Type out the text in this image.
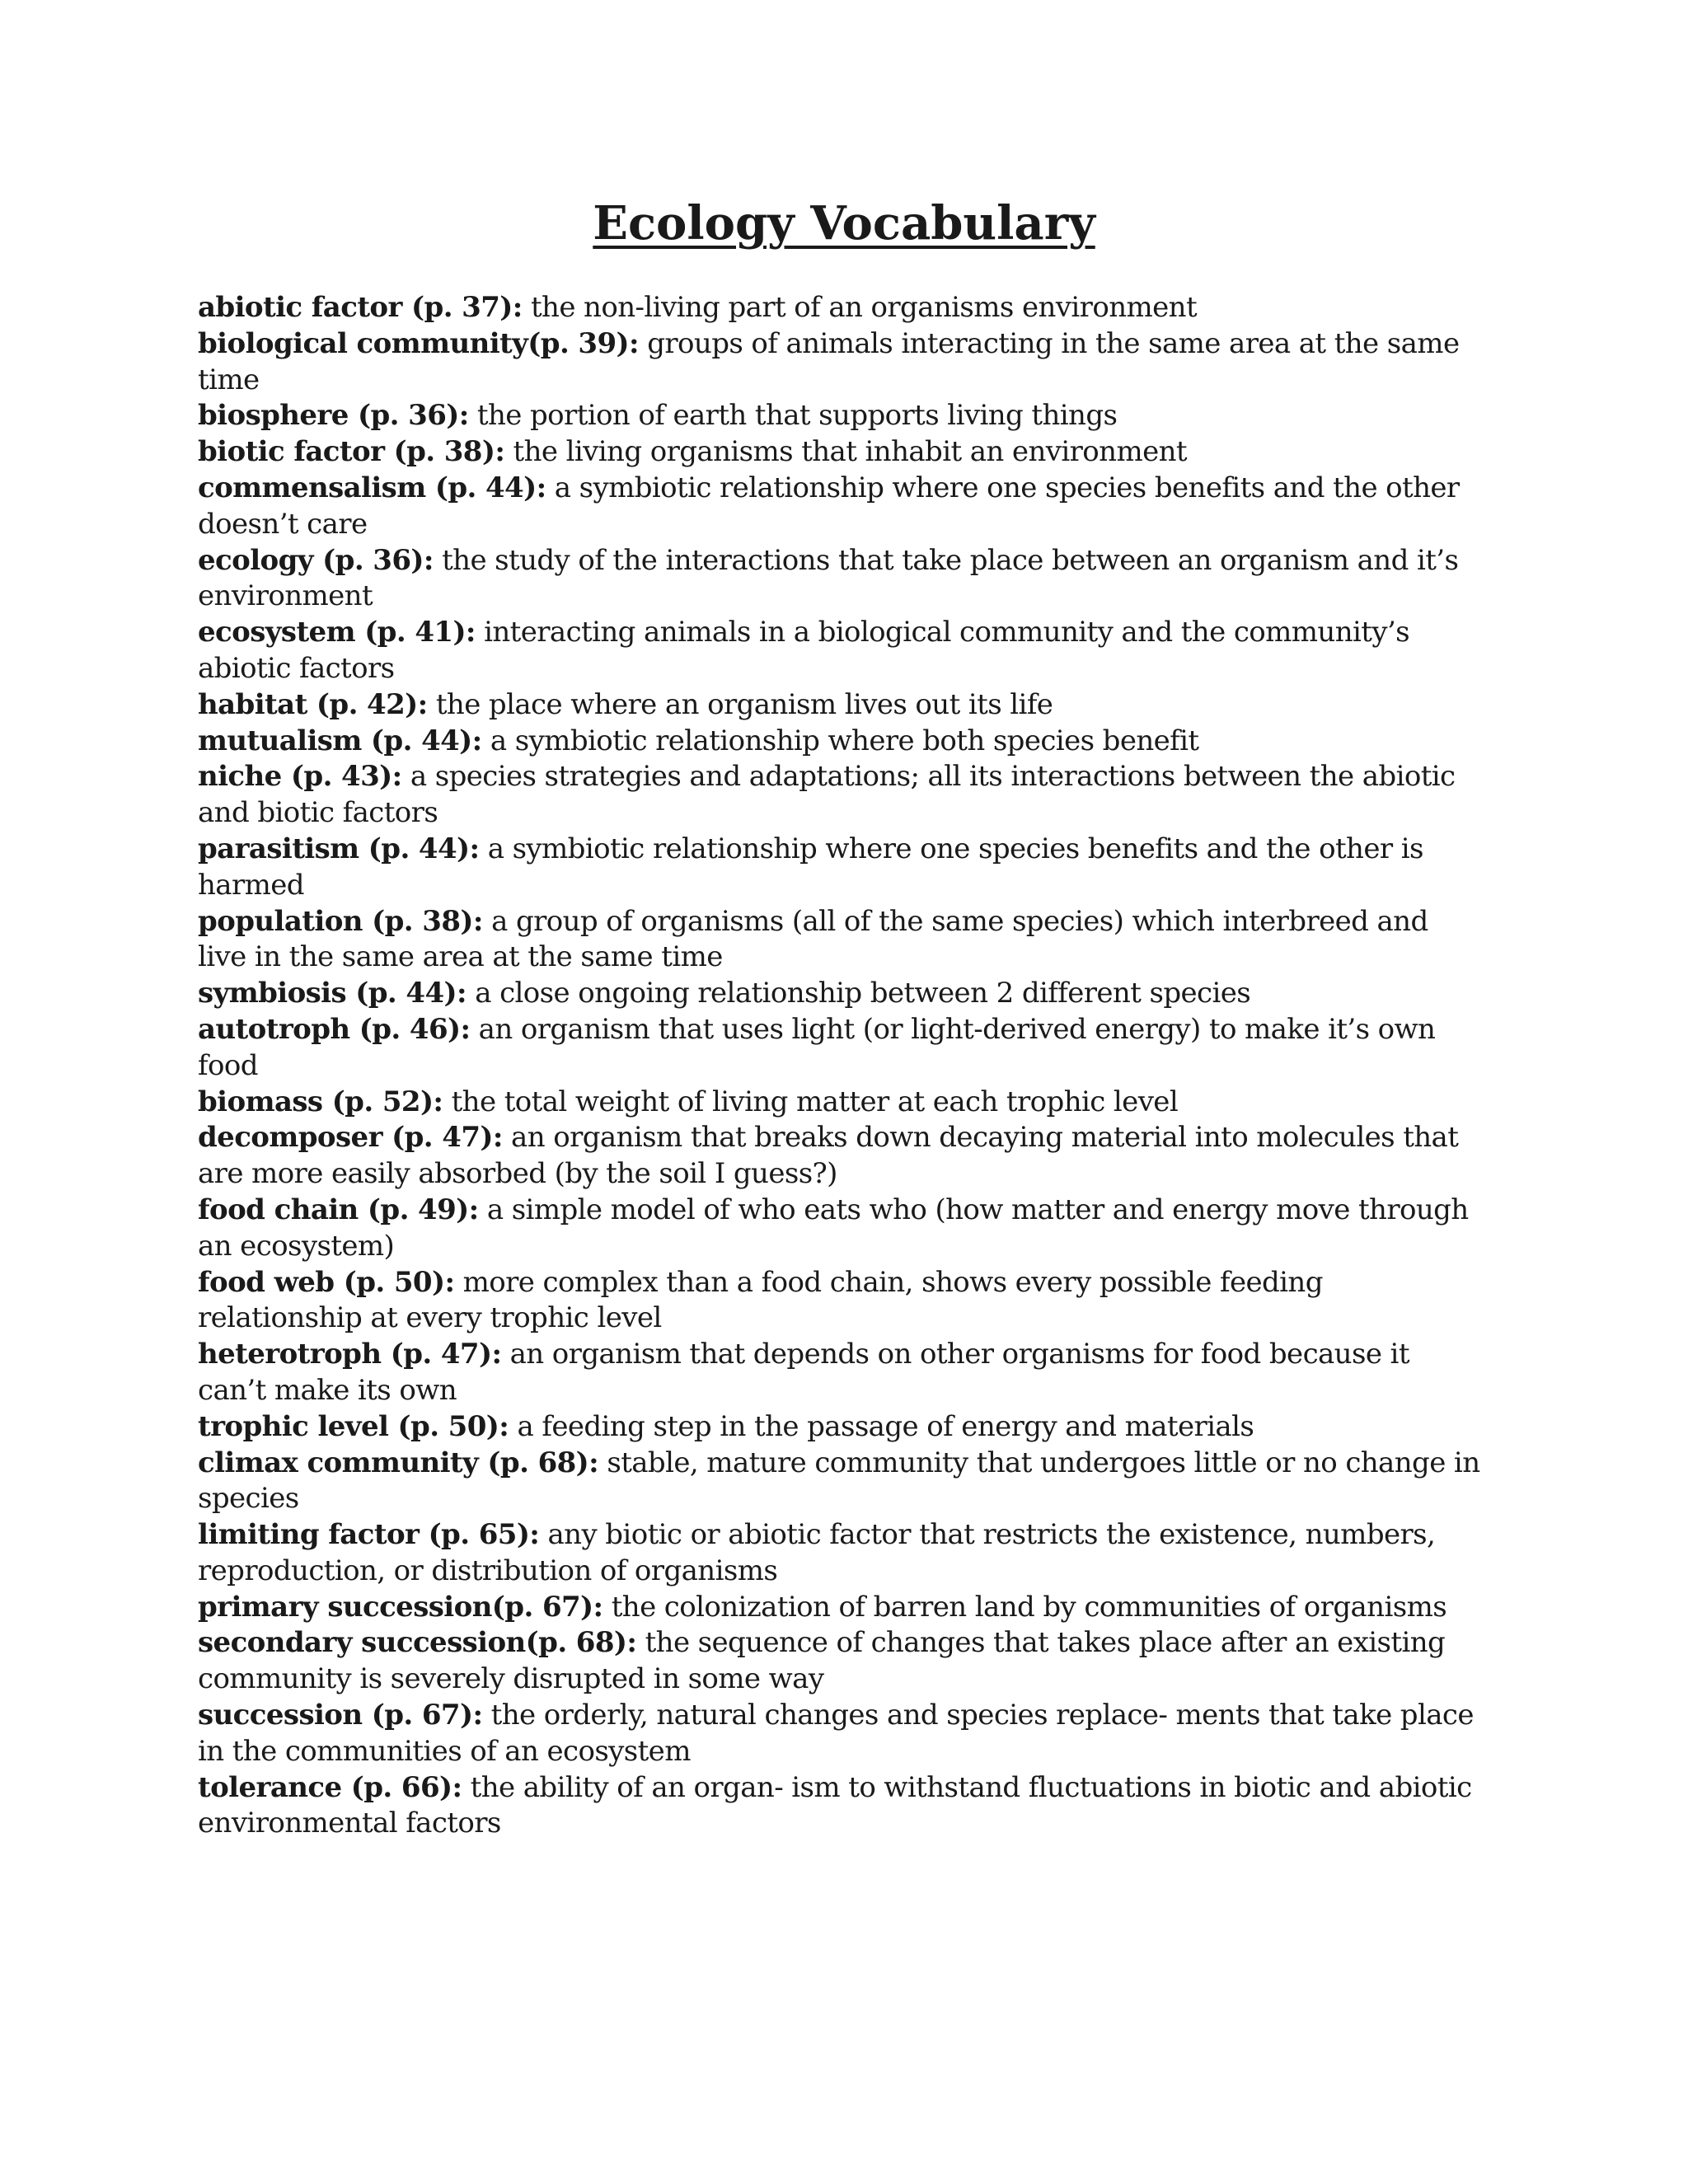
Ecology Vocabulary

abiotic factor (p. 37): the non-living part of an organisms environment

biological community(p. 39): groups of animals interacting in the same area at the same time

biosphere (p. 36): the portion of earth that supports living things

biotic factor (p. 38): the living organisms that inhabit an environment

commensalism (p. 44): a symbiotic relationship where one species benefits and the other doesn’t care

ecology (p. 36): the study of the interactions that take place between an organism and it’s environment

ecosystem (p. 41): interacting animals in a biological community and the community’s abiotic factors

habitat (p. 42): the place where an organism lives out its life

mutualism (p. 44): a symbiotic relationship where both species benefit

niche (p. 43): a species strategies and adaptations; all its interactions between the abiotic and biotic factors

parasitism (p. 44): a symbiotic relationship where one species benefits and the other is harmed

population (p. 38): a group of organisms (all of the same species) which interbreed and live in the same area at the same time

symbiosis (p. 44): a close ongoing relationship between 2 different species

autotroph (p. 46): an organism that uses light (or light-derived energy) to make it’s own food

biomass (p. 52): the total weight of living matter at each trophic level

decomposer (p. 47): an organism that breaks down decaying material into molecules that are more easily absorbed (by the soil I guess?)

food chain (p. 49): a simple model of who eats who (how matter and energy move through an ecosystem)

food web (p. 50): more complex than a food chain, shows every possible feeding relationship at every trophic level

heterotroph (p. 47): an organism that depends on other organisms for food because it can’t make its own

trophic level (p. 50): a feeding step in the passage of energy and materials

climax community (p. 68): stable, mature community that undergoes little or no change in species

limiting factor (p. 65): any biotic or abiotic factor that restricts the existence, numbers, reproduction, or distribution of organisms

primary succession(p. 67): the colonization of barren land by communities of organisms

secondary succession(p. 68): the sequence of changes that takes place after an existing community is severely disrupted in some way

succession (p. 67): the orderly, natural changes and species replace- ments that take place in the communities of an ecosystem

tolerance (p. 66): the ability of an organ- ism to withstand fluctuations in biotic and abiotic environmental factors
